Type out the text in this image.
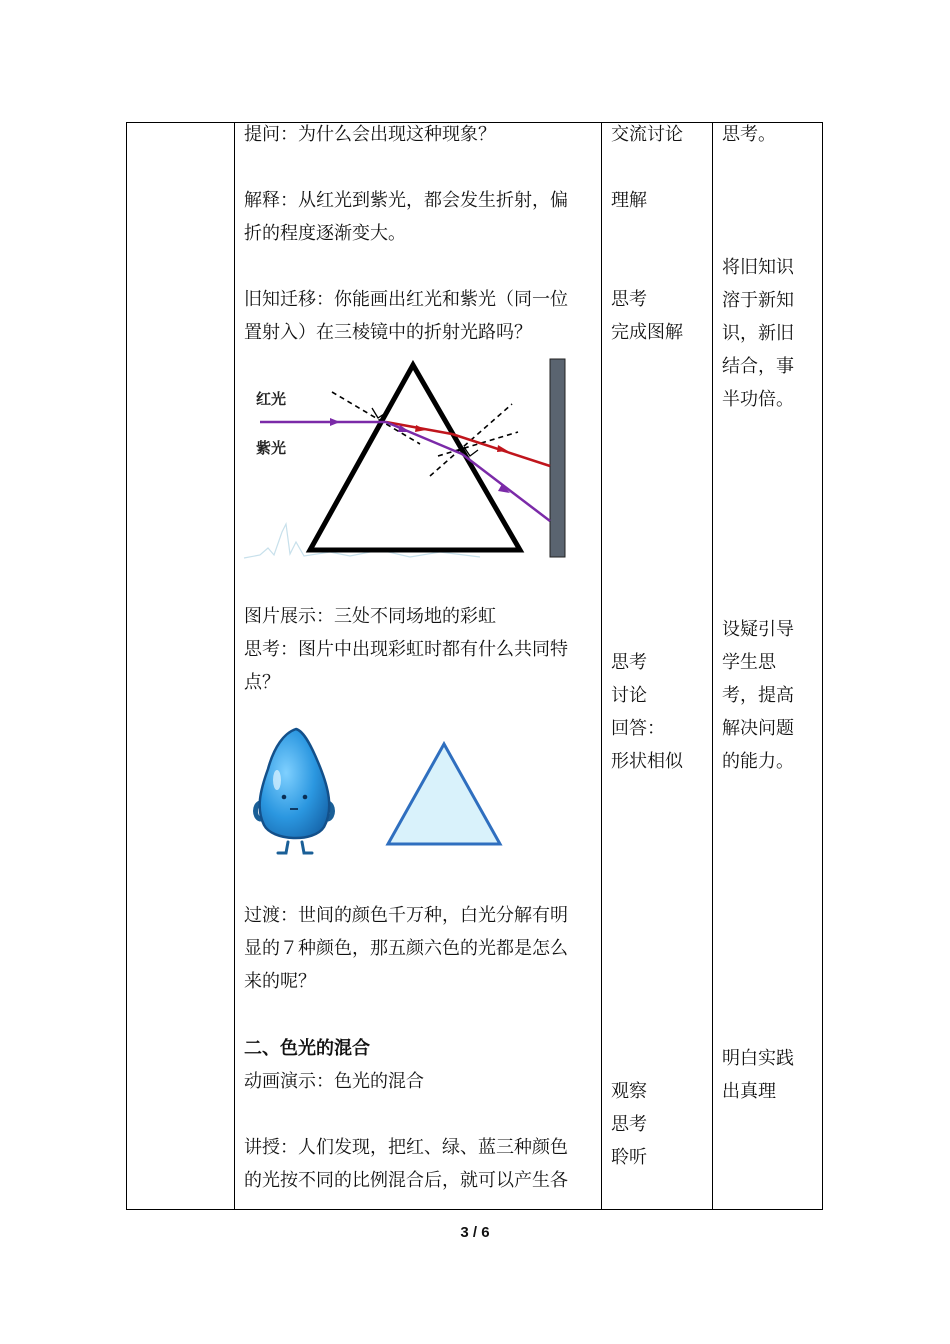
提问：为什么会出现这种现象？
解释：从红光到紫光，都会发生折射，偏
折的程度逐渐变大。
旧知迁移：你能画出红光和紫光（同一位
置射入）在三棱镜中的折射光路吗？
红光
紫光
图片展示：三处不同场地的彩虹
思考：图片中出现彩虹时都有什么共同特
点？
过渡：世间的颜色千万种，白光分解有明
显的７种颜色，那五颜六色的光都是怎么
来的呢？
二、色光的混合
动画演示：色光的混合
讲授：人们发现，把红、绿、蓝三种颜色
的光按不同的比例混合后，就可以产生各
交流讨论
理解
思考
完成图解
思考
讨论
回答：
形状相似
观察
思考
聆听
思考。
将旧知识
溶于新知
识，新旧
结合，事
半功倍。
设疑引导
学生思
考，提高
解决问题
的能力。
明白实践
出真理
3 / 6
